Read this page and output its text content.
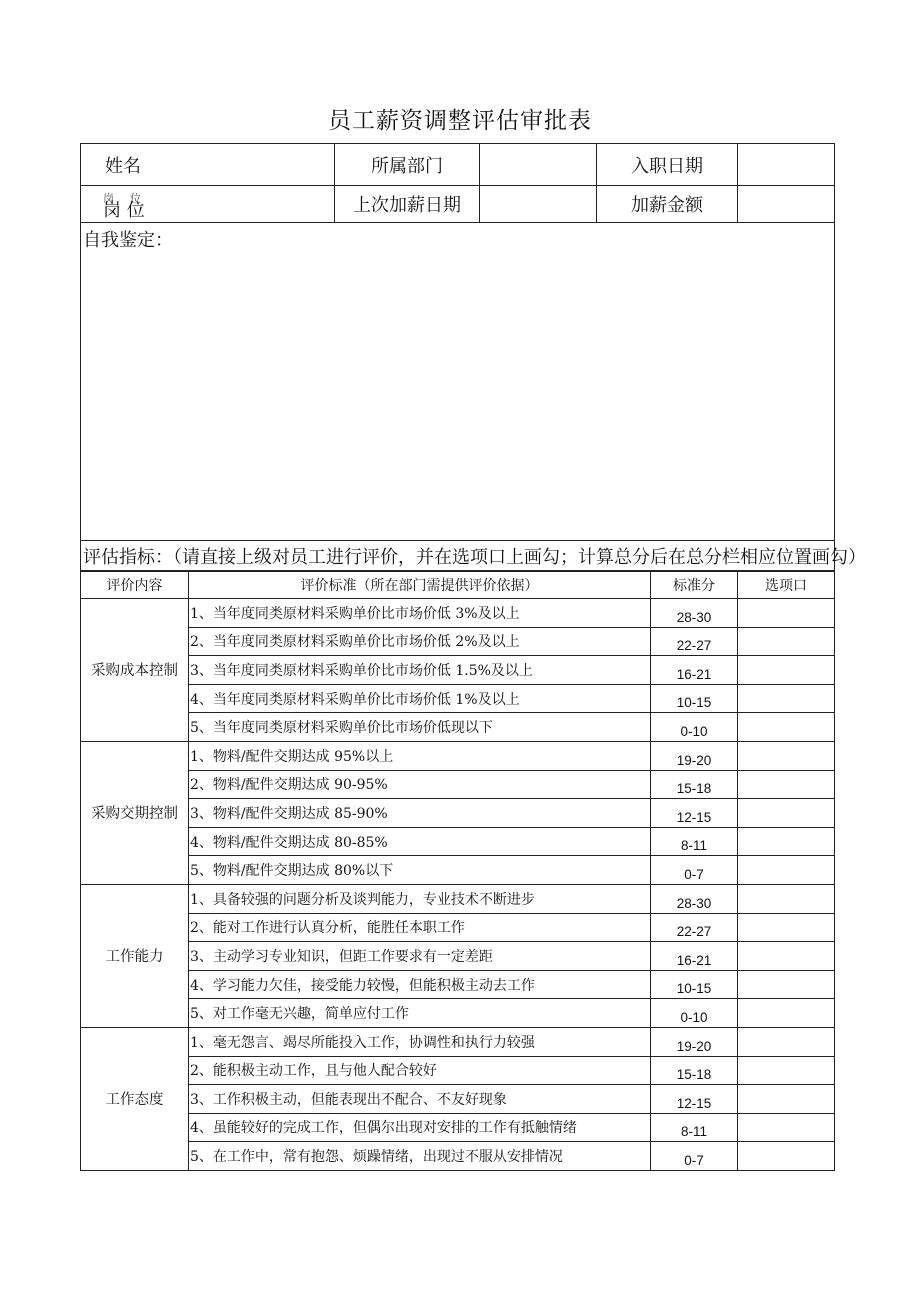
员工薪资调整评估审批表
姓名	所属部门		入职日期	

岗位
岗 位	上次加薪日期		加薪金额	
自我鉴定：				
评估指标：（请直接上级对员工进行评价，并在选项口上画勾；计算总分后在总分栏相应位置画勾）				
评价内容	评价标准（所在部门需提供评价依据）	标准分	选项口
采购成本控制	1、当年度同类原材料采购单价比市场价低 3%及以上	28-30	
	2、当年度同类原材料采购单价比市场价低 2%及以上	22-27	
	3、当年度同类原材料采购单价比市场价低 1.5%及以上	16-21	
	4、当年度同类原材料采购单价比市场价低 1%及以上	10-15	
	5、当年度同类原材料采购单价比市场价低现以下	0-10	
采购交期控制	1、物料/配件交期达成 95%以上	19-20	
	2、物料/配件交期达成 90-95%	15-18	
	3、物料/配件交期达成 85-90%	12-15	
	4、物料/配件交期达成 80-85%	8-11	
	5、物料/配件交期达成 80%以下	0-7	
工作能力	1、具备较强的问题分析及谈判能力，专业技术不断进步	28-30	
	2、能对工作进行认真分析，能胜任本职工作	22-27	
	3、主动学习专业知识，但距工作要求有一定差距	16-21	
	4、学习能力欠佳，接受能力较慢，但能积极主动去工作	10-15	
	5、对工作毫无兴趣，简单应付工作	0-10	
工作态度	1、毫无怨言、竭尽所能投入工作，协调性和执行力较强	19-20	
	2、能积极主动工作，且与他人配合较好	15-18	
	3、工作积极主动，但能表现出不配合、不友好现象	12-15	
	4、虽能较好的完成工作，但偶尔出现对安排的工作有抵触情绪	8-11	
	5、在工作中，常有抱怨、烦躁情绪，出现过不服从安排情况	0-7	
